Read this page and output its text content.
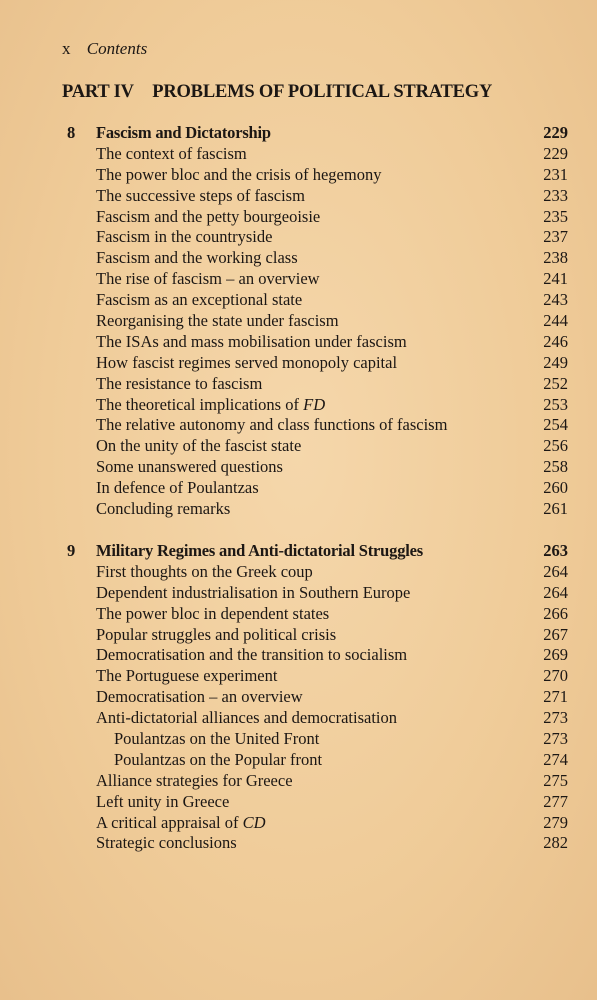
x Contents
PART IV PROBLEMS OF POLITICAL STRATEGY
8 Fascism and Dictatorship	229
The context of fascism	229
The power bloc and the crisis of hegemony	231
The successive steps of fascism	233
Fascism and the petty bourgeoisie	235
Fascism in the countryside	237
Fascism and the working class	238
The rise of fascism – an overview	241
Fascism as an exceptional state	243
Reorganising the state under fascism	244
The ISAs and mass mobilisation under fascism	246
How fascist regimes served monopoly capital	249
The resistance to fascism	252
The theoretical implications of FD	253
The relative autonomy and class functions of fascism	254
On the unity of the fascist state	256
Some unanswered questions	258
In defence of Poulantzas	260
Concluding remarks	261
9 Military Regimes and Anti-dictatorial Struggles	263
First thoughts on the Greek coup	264
Dependent industrialisation in Southern Europe	264
The power bloc in dependent states	266
Popular struggles and political crisis	267
Democratisation and the transition to socialism	269
The Portuguese experiment	270
Democratisation – an overview	271
Anti-dictatorial alliances and democratisation	273
Poulantzas on the United Front	273
Poulantzas on the Popular front	274
Alliance strategies for Greece	275
Left unity in Greece	277
A critical appraisal of CD	279
Strategic conclusions	282
